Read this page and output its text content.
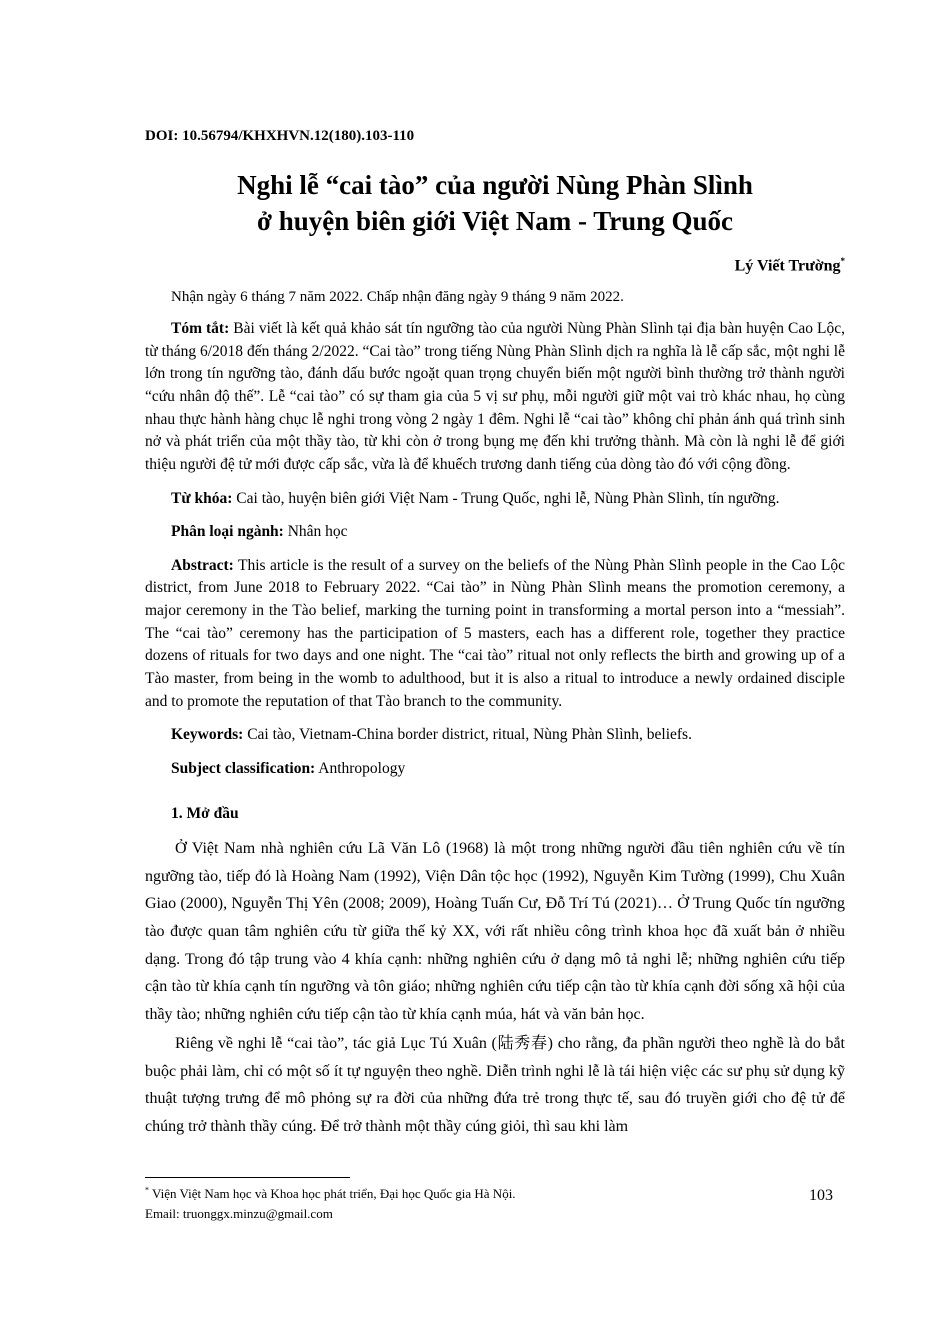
DOI: 10.56794/KHXHVN.12(180).103-110
Nghi lễ “cai tào” của người Nùng Phàn Slình
ở huyện biên giới Việt Nam - Trung Quốc
Lý Viết Trường*
Nhận ngày 6 tháng 7 năm 2022. Chấp nhận đăng ngày 9 tháng 9 năm 2022.

Tóm tắt: Bài viết là kết quả khảo sát tín ngưỡng tào của người Nùng Phàn Slình tại địa bàn huyện Cao Lộc, từ tháng 6/2018 đến tháng 2/2022. “Cai tào” trong tiếng Nùng Phàn Slình dịch ra nghĩa là lễ cấp sắc, một nghi lễ lớn trong tín ngưỡng tào, đánh dấu bước ngoặt quan trọng chuyển biến một người bình thường trở thành người “cứu nhân độ thế”. Lễ “cai tào” có sự tham gia của 5 vị sư phụ, mỗi người giữ một vai trò khác nhau, họ cùng nhau thực hành hàng chục lễ nghi trong vòng 2 ngày 1 đêm. Nghi lễ “cai tào” không chỉ phản ánh quá trình sinh nở và phát triển của một thầy tào, từ khi còn ở trong bụng mẹ đến khi trưởng thành. Mà còn là nghi lễ để giới thiệu người đệ tử mới được cấp sắc, vừa là để khuếch trương danh tiếng của dòng tào đó với cộng đồng.

Từ khóa: Cai tào, huyện biên giới Việt Nam - Trung Quốc, nghi lễ, Nùng Phàn Slình, tín ngưỡng.

Phân loại ngành: Nhân học

Abstract: This article is the result of a survey on the beliefs of the Nùng Phàn Slình people in the Cao Lộc district, from June 2018 to February 2022. “Cai tào” in Nùng Phàn Slình means the promotion ceremony, a major ceremony in the Tào belief, marking the turning point in transforming a mortal person into a “messiah”. The “cai tào” ceremony has the participation of 5 masters, each has a different role, together they practice dozens of rituals for two days and one night. The “cai tào” ritual not only reflects the birth and growing up of a Tào master, from being in the womb to adulthood, but it is also a ritual to introduce a newly ordained disciple and to promote the reputation of that Tào branch to the community.

Keywords: Cai tào, Vietnam-China border district, ritual, Nùng Phàn Slình, beliefs.

Subject classification: Anthropology

1. Mở đầu

Ở Việt Nam nhà nghiên cứu Lã Văn Lô (1968) là một trong những người đầu tiên nghiên cứu về tín ngưỡng tào, tiếp đó là Hoàng Nam (1992), Viện Dân tộc học (1992), Nguyễn Kim Tường (1999), Chu Xuân Giao (2000), Nguyễn Thị Yên (2008; 2009), Hoàng Tuấn Cư, Đỗ Trí Tú (2021)… Ở Trung Quốc tín ngưỡng tào được quan tâm nghiên cứu từ giữa thế kỷ XX, với rất nhiều công trình khoa học đã xuất bản ở nhiều dạng. Trong đó tập trung vào 4 khía cạnh: những nghiên cứu ở dạng mô tả nghi lễ; những nghiên cứu tiếp cận tào từ khía cạnh tín ngưỡng và tôn giáo; những nghiên cứu tiếp cận tào từ khía cạnh đời sống xã hội của thầy tào; những nghiên cứu tiếp cận tào từ khía cạnh múa, hát và văn bản học.

Riêng về nghi lễ “cai tào”, tác giả Lục Tú Xuân (陆秀春) cho rằng, đa phần người theo nghề là do bắt buộc phải làm, chỉ có một số ít tự nguyện theo nghề. Diễn trình nghi lễ là tái hiện việc các sư phụ sử dụng kỹ thuật tượng trưng để mô phỏng sự ra đời của những đứa trẻ trong thực tế, sau đó truyền giới cho đệ tử để chúng trở thành thầy cúng. Để trở thành một thầy cúng giỏi, thì sau khi làm

* Viện Việt Nam học và Khoa học phát triển, Đại học Quốc gia Hà Nội.
Email: truonggx.minzu@gmail.com
103
